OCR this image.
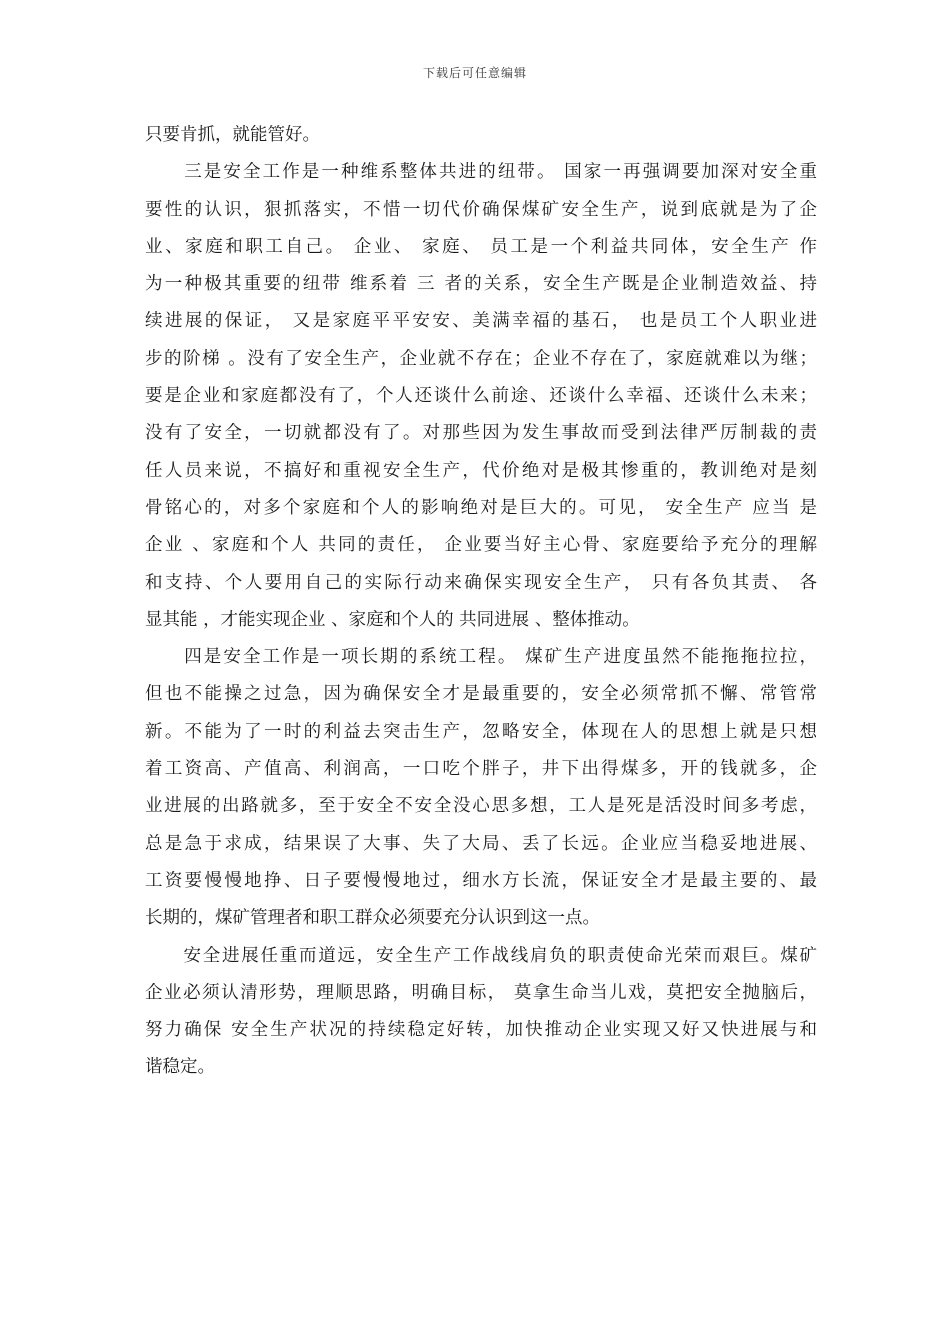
下载后可任意编辑
只要肯抓，就能管好。
　　三是安全工作是一种维系整体共进的纽带。 国家一再强调要加深对安全重
要性的认识，狠抓落实，不惜一切代价确保煤矿安全生产，说到底就是为了企
业、家庭和职工自己。 企业、 家庭、 员工是一个利益共同体，安全生产 作
为一种极其重要的纽带 维系着 三 者的关系，安全生产既是企业制造效益、持
续进展的保证， 又是家庭平平安安、美满幸福的基石， 也是员工个人职业进
步的阶梯 。没有了安全生产，企业就不存在；企业不存在了，家庭就难以为继；
要是企业和家庭都没有了，个人还谈什么前途、还谈什么幸福、还谈什么未来；
没有了安全，一切就都没有了。对那些因为发生事故而受到法律严厉制裁的责
任人员来说，不搞好和重视安全生产，代价绝对是极其惨重的，教训绝对是刻
骨铭心的，对多个家庭和个人的影响绝对是巨大的。可见， 安全生产 应当 是
企业 、家庭和个人 共同的责任， 企业要当好主心骨、家庭要给予充分的理解
和支持、个人要用自己的实际行动来确保实现安全生产， 只有各负其责、 各
显其能 ，才能实现企业 、家庭和个人的 共同进展 、整体推动。
　　四是安全工作是一项长期的系统工程。 煤矿生产进度虽然不能拖拖拉拉，
但也不能操之过急，因为确保安全才是最重要的，安全必须常抓不懈、常管常
新。不能为了一时的利益去突击生产，忽略安全，体现在人的思想上就是只想
着工资高、产值高、利润高，一口吃个胖子，井下出得煤多，开的钱就多，企
业进展的出路就多，至于安全不安全没心思多想，工人是死是活没时间多考虑，
总是急于求成，结果误了大事、失了大局、丢了长远。企业应当稳妥地进展、
工资要慢慢地挣、日子要慢慢地过，细水方长流，保证安全才是最主要的、最
长期的，煤矿管理者和职工群众必须要充分认识到这一点。
　　安全进展任重而道远，安全生产工作战线肩负的职责使命光荣而艰巨。煤矿
企业必须认清形势，理顺思路，明确目标， 莫拿生命当儿戏，莫把安全抛脑后，
努力确保 安全生产状况的持续稳定好转，加快推动企业实现又好又快进展与和
谐稳定。
